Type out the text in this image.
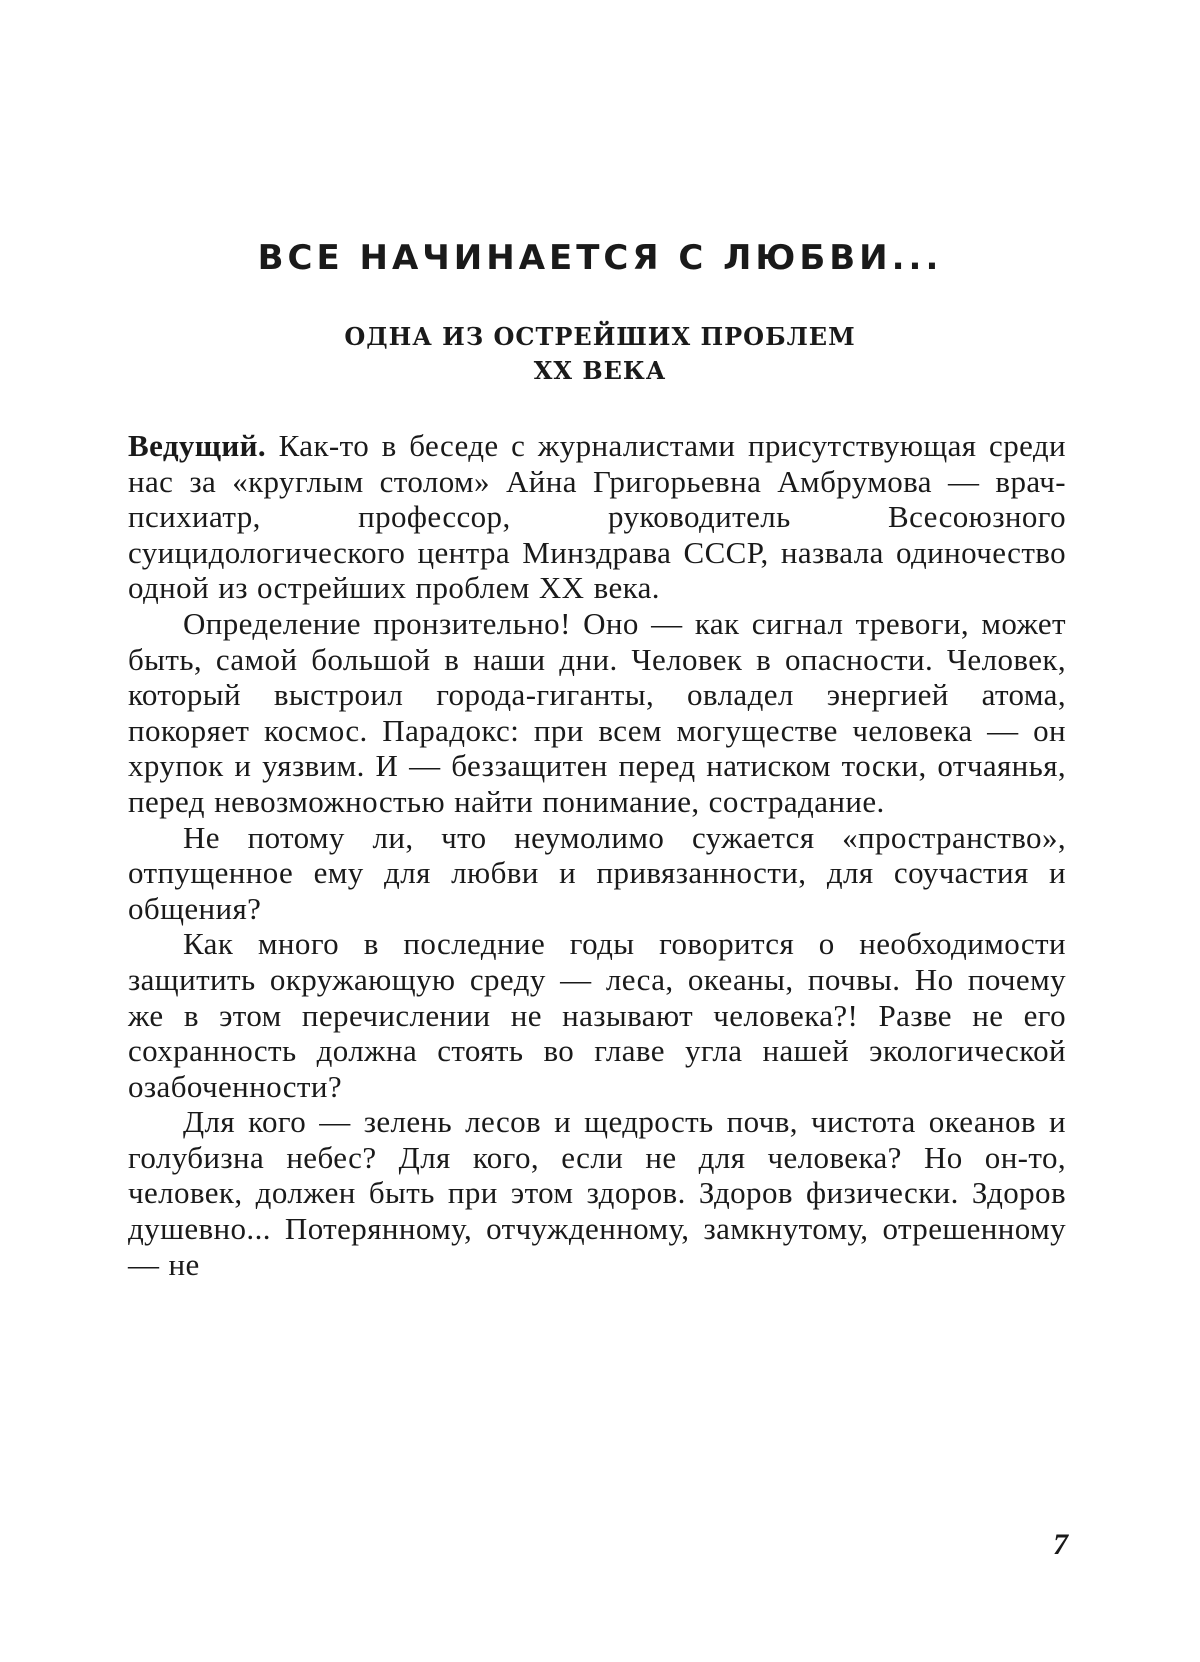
ВСЕ НАЧИНАЕТСЯ С ЛЮБВИ...
ОДНА ИЗ ОСТРЕЙШИХ ПРОБЛЕМ
XX ВЕКА

Ведущий. Как-то в беседе с журналистами присутствующая среди нас за «круглым столом» Айна Григорьевна Амбрумова — врач-психиатр, профессор, руководитель Всесоюзного суицидологического центра Минздрава СССР, назвала одиночество одной из острейших проблем XX века.

Определение пронзительно! Оно — как сигнал тревоги, может быть, самой большой в наши дни. Человек в опасности. Человек, который выстроил города-гиганты, овладел энергией атома, покоряет космос. Парадокс: при всем могуществе человека — он хрупок и уязвим. И — беззащитен перед натиском тоски, отчаянья, перед невозможностью найти понимание, сострадание.

Не потому ли, что неумолимо сужается «пространство», отпущенное ему для любви и привязанности, для соучастия и общения?

Как много в последние годы говорится о необходимости защитить окружающую среду — леса, океаны, почвы. Но почему же в этом перечислении не называют человека?! Разве не его сохранность должна стоять во главе угла нашей экологической озабоченности?

Для кого — зелень лесов и щедрость почв, чистота океанов и голубизна небес? Для кого, если не для человека? Но он-то, человек, должен быть при этом здоров. Здоров физически. Здоров душевно... Потерянному, отчужденному, замкнутому, отрешенному — не

7
